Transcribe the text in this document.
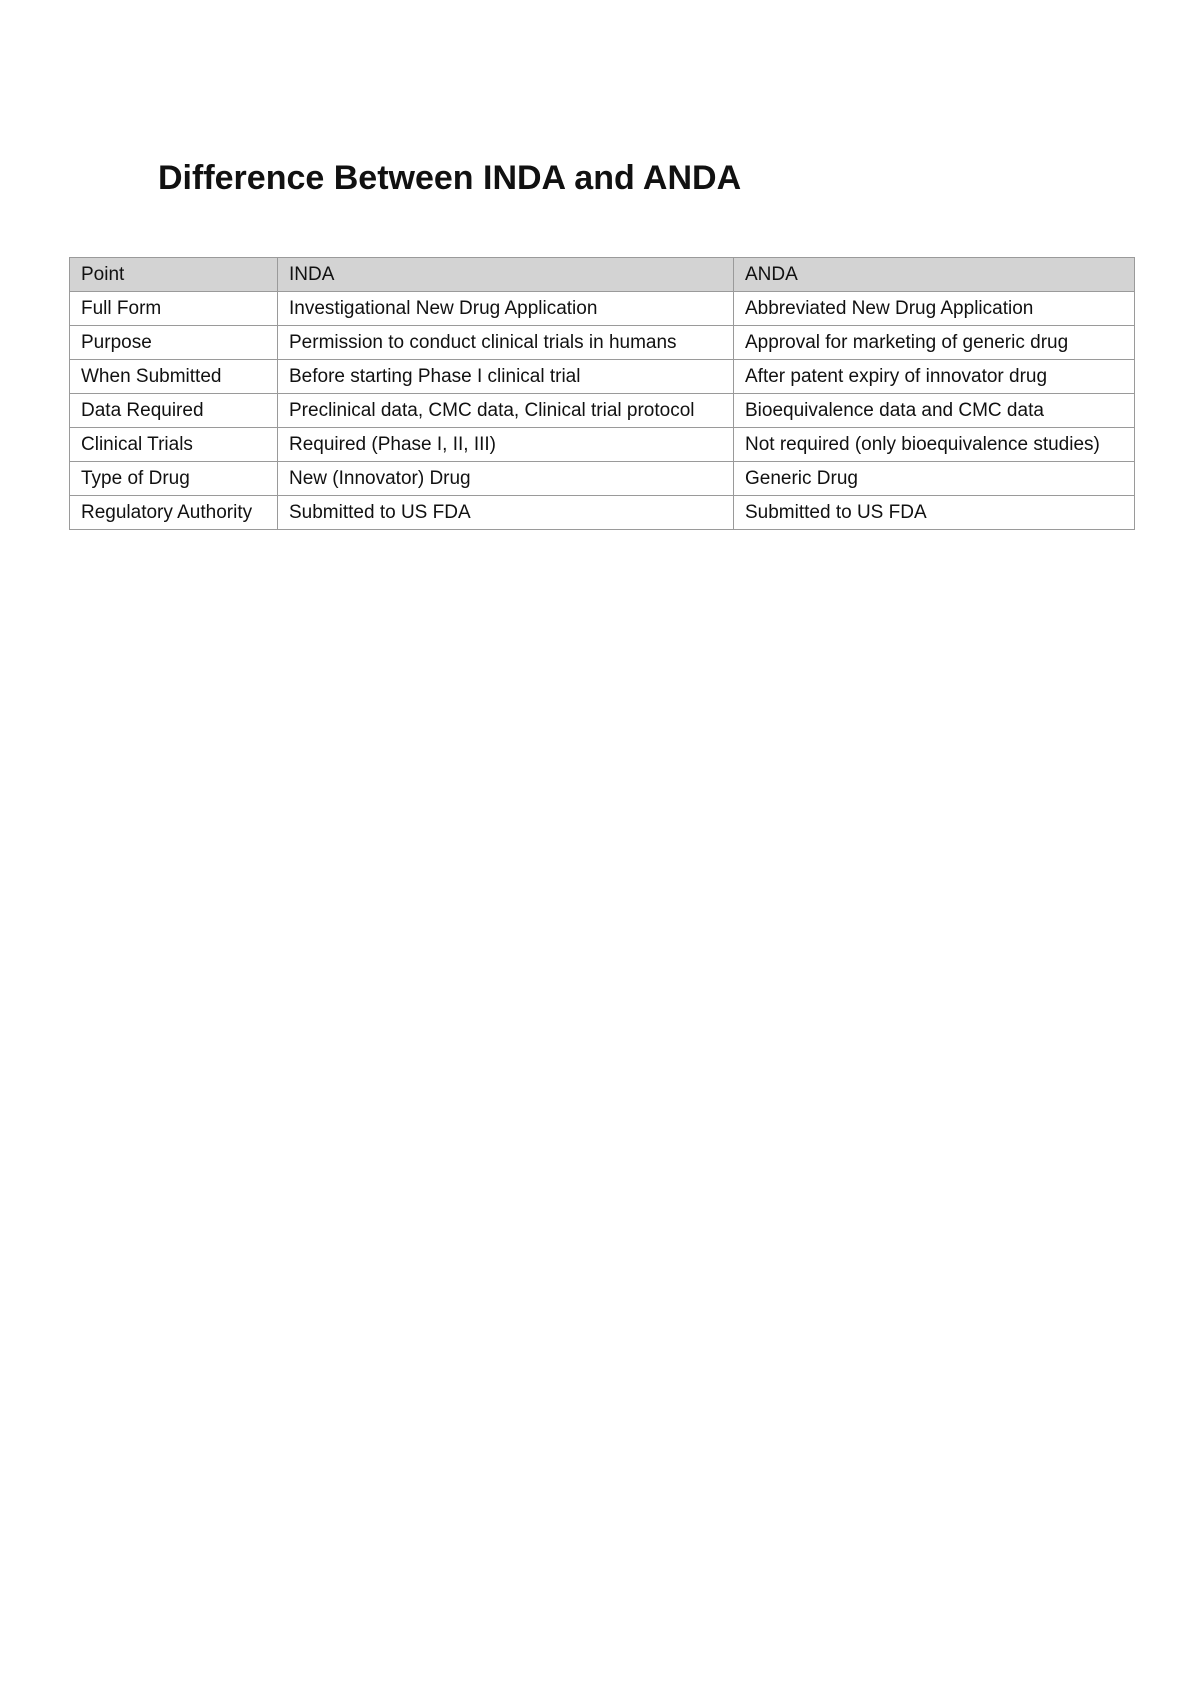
Difference Between INDA and ANDA
Point	INDA	ANDA
Full Form	Investigational New Drug Application	Abbreviated New Drug Application
Purpose	Permission to conduct clinical trials in humans	Approval for marketing of generic drug
When Submitted	Before starting Phase I clinical trial	After patent expiry of innovator drug
Data Required	Preclinical data, CMC data, Clinical trial protocol	Bioequivalence data and CMC data
Clinical Trials	Required (Phase I, II, III)	Not required (only bioequivalence studies)
Type of Drug	New (Innovator) Drug	Generic Drug
Regulatory Authority	Submitted to US FDA	Submitted to US FDA
